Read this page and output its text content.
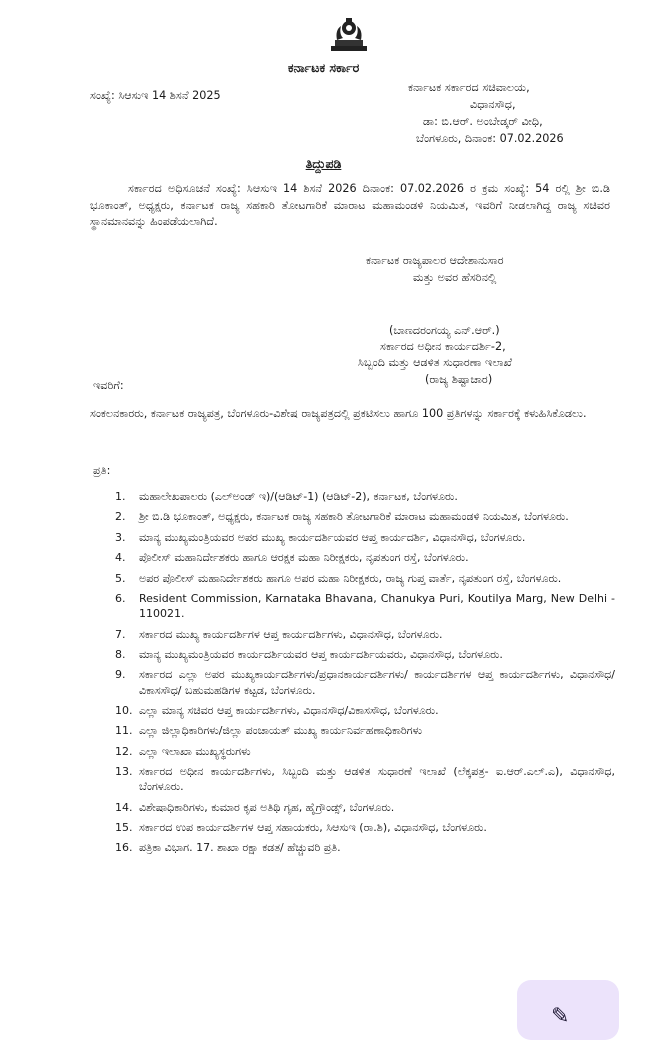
ಕರ್ನಾಟಕ ಸರ್ಕಾರ
ಸಂಖ್ಯೆ: ಸಿಆಸುಇ 14 ಶಿಸನೆ 2025
ಕರ್ನಾಟಕ ಸರ್ಕಾರದ ಸಚಿವಾಲಯ,
ವಿಧಾನಸೌಧ,
ಡಾ: ಬಿ.ಆರ್. ಅಂಬೇಡ್ಕರ್ ವೀಧಿ,
ಬೆಂಗಳೂರು, ದಿನಾಂಕ: 07.02.2026
ತಿದ್ದುಪಡಿ
ಸರ್ಕಾರದ ಅಧಿಸೂಚನೆ ಸಂಖ್ಯೆ: ಸಿಆಸುಇ 14 ಶಿಸನೆ 2026 ದಿನಾಂಕ: 07.02.2026 ರ ಕ್ರಮ ಸಂಖ್ಯೆ: 54 ರಲ್ಲಿ ಶ್ರೀ ಬಿ.ಡಿ ಭೂಕಾಂತ್, ಅಧ್ಯಕ್ಷರು, ಕರ್ನಾಟಕ ರಾಜ್ಯ ಸಹಕಾರಿ ತೋಟಗಾರಿಕೆ ಮಾರಾಟ ಮಹಾಮಂಡಳಿ ನಿಯಮಿತ, ಇವರಿಗೆ ನೀಡಲಾಗಿದ್ದ ರಾಜ್ಯ ಸಚಿವರ ಸ್ಥಾನಮಾನವನ್ನು ಹಿಂಪಡೆಯಲಾಗಿದೆ.
ಕರ್ನಾಟಕ ರಾಜ್ಯಪಾಲರ ಆದೇಶಾನುಸಾರ
ಮತ್ತು ಅವರ ಹೆಸರಿನಲ್ಲಿ
(ಬಾಣದರಂಗಯ್ಯ ಎನ್.ಆರ್.)
ಸರ್ಕಾರದ ಅಧೀನ ಕಾರ್ಯದರ್ಶಿ-2,
ಸಿಬ್ಬಂದಿ ಮತ್ತು ಆಡಳಿತ ಸುಧಾರಣಾ ಇಲಾಖೆ
(ರಾಜ್ಯ ಶಿಷ್ಟಾಚಾರ)
ಇವರಿಗೆ:
ಸಂಕಲನಕಾರರು, ಕರ್ನಾಟಕ ರಾಜ್ಯಪತ್ರ, ಬೆಂಗಳೂರು-ವಿಶೇಷ ರಾಜ್ಯಪತ್ರದಲ್ಲಿ ಪ್ರಕಟಿಸಲು ಹಾಗೂ 100 ಪ್ರತಿಗಳನ್ನು ಸರ್ಕಾರಕ್ಕೆ ಕಳುಹಿಸಿಕೊಡಲು.
ಪ್ರತಿ:
1.	ಮಹಾಲೇಖಪಾಲರು (ಎಲ್ಅಂಡ್ ಇ)/(ಆಡಿಟ್-1) (ಆಡಿಟ್-2), ಕರ್ನಾಟಕ, ಬೆಂಗಳೂರು.
2.	ಶ್ರೀ ಬಿ.ಡಿ ಭೂಕಾಂತ್, ಅಧ್ಯಕ್ಷರು, ಕರ್ನಾಟಕ ರಾಜ್ಯ ಸಹಕಾರಿ ತೋಟಗಾರಿಕೆ ಮಾರಾಟ ಮಹಾಮಂಡಳಿ ನಿಯಮಿತ, ಬೆಂಗಳೂರು.
3.	ಮಾನ್ಯ ಮುಖ್ಯಮಂತ್ರಿಯವರ ಅಪರ ಮುಖ್ಯ ಕಾರ್ಯದರ್ಶಿಯವರ ಆಪ್ತ ಕಾರ್ಯದರ್ಶಿ, ವಿಧಾನಸೌಧ, ಬೆಂಗಳೂರು.
4.	ಪೊಲೀಸ್ ಮಹಾನಿರ್ದೇಶಕರು ಹಾಗೂ ಆರಕ್ಷಕ ಮಹಾ ನಿರೀಕ್ಷಕರು, ನೃಪತುಂಗ ರಸ್ತೆ, ಬೆಂಗಳೂರು.
5.	ಅಪರ ಪೊಲೀಸ್ ಮಹಾನಿರ್ದೇಶಕರು ಹಾಗೂ ಅಪರ ಮಹಾ ನಿರೀಕ್ಷಕರು, ರಾಜ್ಯ ಗುಪ್ತ ವಾರ್ತೆ, ನೃಪತುಂಗ ರಸ್ತೆ, ಬೆಂಗಳೂರು.
6.	Resident Commission, Karnataka Bhavana, Chanukya Puri, Koutilya Marg, New Delhi - 110021.
7.	ಸರ್ಕಾರದ ಮುಖ್ಯ ಕಾರ್ಯದರ್ಶಿಗಳ ಆಪ್ತ ಕಾರ್ಯದರ್ಶಿಗಳು, ವಿಧಾನಸೌಧ, ಬೆಂಗಳೂರು.
8.	ಮಾನ್ಯ ಮುಖ್ಯಮಂತ್ರಿಯವರ ಕಾರ್ಯದರ್ಶಿಯವರ ಆಪ್ತ ಕಾರ್ಯದರ್ಶಿಯವರು, ವಿಧಾನಸೌಧ, ಬೆಂಗಳೂರು.
9.	ಸರ್ಕಾರದ ಎಲ್ಲಾ ಅಪರ ಮುಖ್ಯಕಾರ್ಯದರ್ಶಿಗಳು/ಪ್ರಧಾನಕಾರ್ಯದರ್ಶಿಗಳು/ ಕಾರ್ಯದರ್ಶಿಗಳ ಆಪ್ತ ಕಾರ್ಯದರ್ಶಿಗಳು, ವಿಧಾನಸೌಧ/ ವಿಕಾಸಸೌಧ/ ಬಹುಮಹಡಿಗಳ ಕಟ್ಟಡ, ಬೆಂಗಳೂರು.
10. ಎಲ್ಲಾ ಮಾನ್ಯ ಸಚಿವರ ಆಪ್ತ ಕಾರ್ಯದರ್ಶಿಗಳು, ವಿಧಾನಸೌಧ/ವಿಕಾಸಸೌಧ, ಬೆಂಗಳೂರು.
11. ಎಲ್ಲಾ ಜಿಲ್ಲಾಧಿಕಾರಿಗಳು/ಜಿಲ್ಲಾ ಪಂಚಾಯತ್ ಮುಖ್ಯ ಕಾರ್ಯನಿರ್ವಹಣಾಧಿಕಾರಿಗಳು
12. ಎಲ್ಲಾ ಇಲಾಖಾ ಮುಖ್ಯಸ್ಥರುಗಳು
13. ಸರ್ಕಾರದ ಅಧೀನ ಕಾರ್ಯದರ್ಶಿಗಳು, ಸಿಬ್ಬಂದಿ ಮತ್ತು ಆಡಳಿತ ಸುಧಾರಣೆ ಇಲಾಖೆ (ಲೆಕ್ಕಪತ್ರ- ಐ.ಆರ್.ಎಲ್.ಎ), ವಿಧಾನಸೌಧ, ಬೆಂಗಳೂರು.
14. ವಿಶೇಷಾಧಿಕಾರಿಗಳು, ಕುಮಾರ ಕೃಪ ಅತಿಥಿ ಗೃಹ, ಹೈಗ್ರೌಂಡ್ಸ್, ಬೆಂಗಳೂರು.
15. ಸರ್ಕಾರದ ಉಪ ಕಾರ್ಯದರ್ಶಿಗಳ ಆಪ್ತ ಸಹಾಯಕರು, ಸಿಆಸುಇ (ರಾ.ಶಿ), ವಿಧಾನಸೌಧ, ಬೆಂಗಳೂರು.
16. ಪತ್ರಿಕಾ ವಿಭಾಗ. 17. ಶಾಖಾ ರಕ್ಷಾ ಕಡತ/ ಹೆಚ್ಚುವರಿ ಪ್ರತಿ.
✎
